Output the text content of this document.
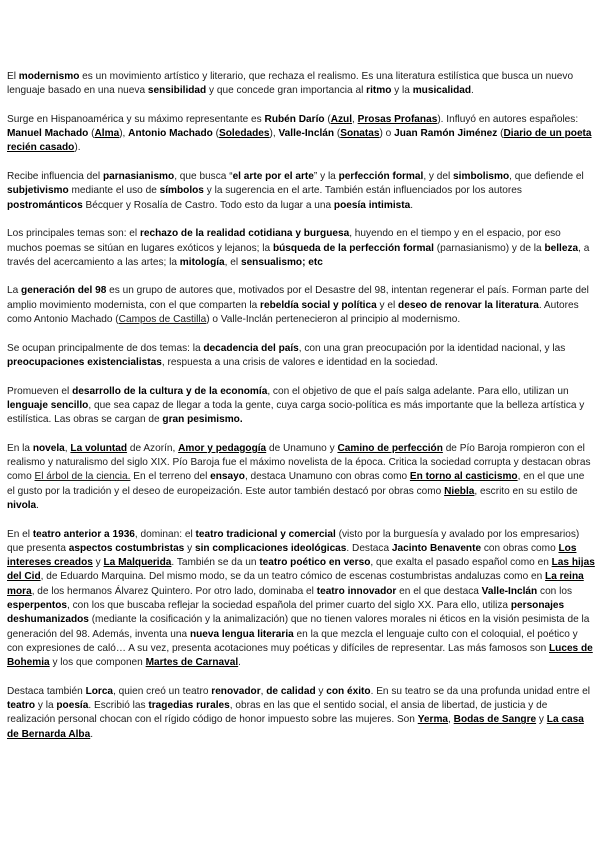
El modernismo es un movimiento artístico y literario, que rechaza el realismo. Es una literatura estilística que busca un nuevo lenguaje basado en una nueva sensibilidad y que concede gran importancia al ritmo y la musicalidad.

Surge en Hispanoamérica y su máximo representante es Rubén Darío (Azul, Prosas Profanas). Influyó en autores españoles: Manuel Machado (Alma), Antonio Machado (Soledades), Valle-Inclán (Sonatas) o Juan Ramón Jiménez (Diario de un poeta recién casado).

Recibe influencia del parnasianismo, que busca “el arte por el arte” y la perfección formal, y del simbolismo, que defiende el subjetivismo mediante el uso de símbolos y la sugerencia en el arte. También están influenciados por los autores postrománticos Bécquer y Rosalía de Castro. Todo esto da lugar a una poesía intimista.

Los principales temas son: el rechazo de la realidad cotidiana y burguesa, huyendo en el tiempo y en el espacio, por eso muchos poemas se sitúan en lugares exóticos y lejanos; la búsqueda de la perfección formal (parnasianismo) y de la belleza, a través del acercamiento a las artes; la mitología, el sensualismo; etc

La generación del 98 es un grupo de autores que, motivados por el Desastre del 98, intentan regenerar el país. Forman parte del amplio movimiento modernista, con el que comparten la rebeldía social y política y el deseo de renovar la literatura. Autores como Antonio Machado (Campos de Castilla) o Valle-Inclán pertenecieron al principio al modernismo.

Se ocupan principalmente de dos temas: la decadencia del país, con una gran preocupación por la identidad nacional, y las preocupaciones existencialistas, respuesta a una crisis de valores e identidad en la sociedad.

Promueven el desarrollo de la cultura y de la economía, con el objetivo de que el país salga adelante. Para ello, utilizan un lenguaje sencillo, que sea capaz de llegar a toda la gente, cuya carga socio-política es más importante que la belleza artística y estilística. Las obras se cargan de gran pesimismo.

En la novela, La voluntad de Azorín, Amor y pedagogía de Unamuno y Camino de perfección de Pío Baroja rompieron con el realismo y naturalismo del siglo XIX. Pío Baroja fue el máximo novelista de la época. Critica la sociedad corrupta y destacan obras como El árbol de la ciencia. En el terreno del ensayo, destaca Unamuno con obras como En torno al casticismo, en el que une el gusto por la tradición y el deseo de europeización. Este autor también destacó por obras como Niebla, escrito en su estilo de nivola.

En el teatro anterior a 1936, dominan: el teatro tradicional y comercial (visto por la burguesía y avalado por los empresarios) que presenta aspectos costumbristas y sin complicaciones ideológicas. Destaca Jacinto Benavente con obras como Los intereses creados y La Malquerida. También se da un teatro poético en verso, que exalta el pasado español como en Las hijas del Cid, de Eduardo Marquina. Del mismo modo, se da un teatro cómico de escenas costumbristas andaluzas como en La reina mora, de los hermanos Álvarez Quintero. Por otro lado, dominaba el teatro innovador en el que destaca Valle-Inclán con los esperpentos, con los que buscaba reflejar la sociedad española del primer cuarto del siglo XX. Para ello, utiliza personajes deshumanizados (mediante la cosificación y la animalización) que no tienen valores morales ni éticos en la visión pesimista de la generación del 98. Además, inventa una nueva lengua literaria en la que mezcla el lenguaje culto con el coloquial, el poético y con expresiones de caló… A su vez, presenta acotaciones muy poéticas y difíciles de representar. Las más famosos son Luces de Bohemia y los que componen Martes de Carnaval.

Destaca también Lorca, quien creó un teatro renovador, de calidad y con éxito. En su teatro se da una profunda unidad entre el teatro y la poesía. Escribió las tragedias rurales, obras en las que el sentido social, el ansia de libertad, de justicia y de realización personal chocan con el rígido código de honor impuesto sobre las mujeres. Son Yerma, Bodas de Sangre y La casa de Bernarda Alba.
